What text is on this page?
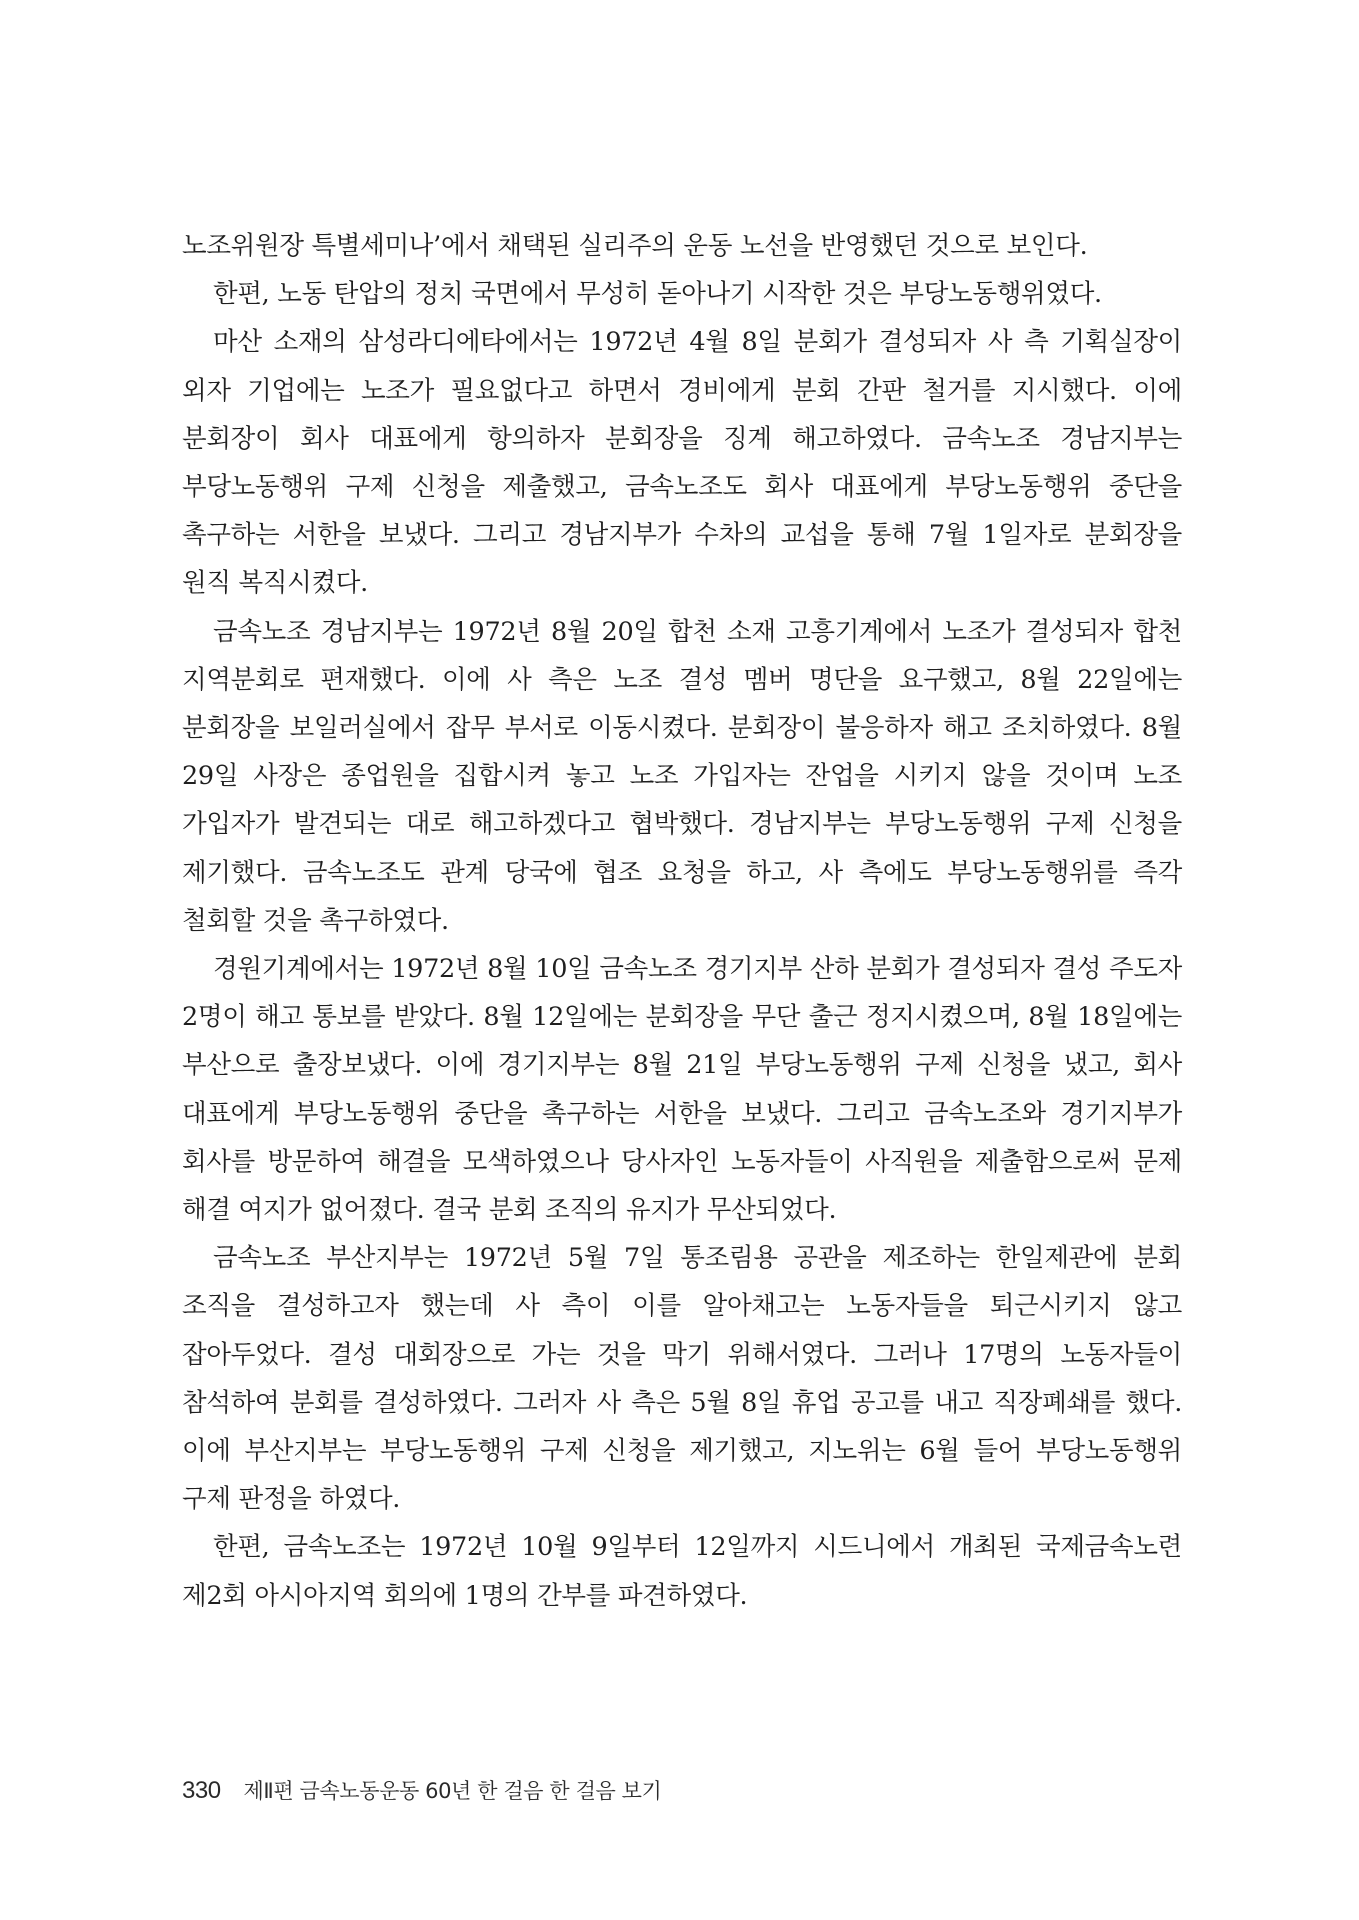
노조위원장 특별세미나’에서 채택된 실리주의 운동 노선을 반영했던 것으로 보인다.

한편, 노동 탄압의 정치 국면에서 무성히 돋아나기 시작한 것은 부당노동행위였다.

마산 소재의 삼성라디에타에서는 1972년 4월 8일 분회가 결성되자 사 측 기획실장이 외자 기업에는 노조가 필요없다고 하면서 경비에게 분회 간판 철거를 지시했다. 이에 분회장이 회사 대표에게 항의하자 분회장을 징계 해고하였다. 금속노조 경남지부는 부당노동행위 구제 신청을 제출했고, 금속노조도 회사 대표에게 부당노동행위 중단을 촉구하는 서한을 보냈다. 그리고 경남지부가 수차의 교섭을 통해 7월 1일자로 분회장을 원직 복직시켰다.

금속노조 경남지부는 1972년 8월 20일 합천 소재 고흥기계에서 노조가 결성되자 합천 지역분회로 편재했다. 이에 사 측은 노조 결성 멤버 명단을 요구했고, 8월 22일에는 분회장을 보일러실에서 잡무 부서로 이동시켰다. 분회장이 불응하자 해고 조치하였다. 8월 29일 사장은 종업원을 집합시켜 놓고 노조 가입자는 잔업을 시키지 않을 것이며 노조 가입자가 발견되는 대로 해고하겠다고 협박했다. 경남지부는 부당노동행위 구제 신청을 제기했다. 금속노조도 관계 당국에 협조 요청을 하고, 사 측에도 부당노동행위를 즉각 철회할 것을 촉구하였다.

경원기계에서는 1972년 8월 10일 금속노조 경기지부 산하 분회가 결성되자 결성 주도자 2명이 해고 통보를 받았다. 8월 12일에는 분회장을 무단 출근 정지시켰으며, 8월 18일에는 부산으로 출장보냈다. 이에 경기지부는 8월 21일 부당노동행위 구제 신청을 냈고, 회사 대표에게 부당노동행위 중단을 촉구하는 서한을 보냈다. 그리고 금속노조와 경기지부가 회사를 방문하여 해결을 모색하였으나 당사자인 노동자들이 사직원을 제출함으로써 문제 해결 여지가 없어졌다. 결국 분회 조직의 유지가 무산되었다.

금속노조 부산지부는 1972년 5월 7일 통조림용 공관을 제조하는 한일제관에 분회 조직을 결성하고자 했는데 사 측이 이를 알아채고는 노동자들을 퇴근시키지 않고 잡아두었다. 결성 대회장으로 가는 것을 막기 위해서였다. 그러나 17명의 노동자들이 참석하여 분회를 결성하였다. 그러자 사 측은 5월 8일 휴업 공고를 내고 직장폐쇄를 했다. 이에 부산지부는 부당노동행위 구제 신청을 제기했고, 지노위는 6월 들어 부당노동행위 구제 판정을 하였다.

한편, 금속노조는 1972년 10월 9일부터 12일까지 시드니에서 개최된 국제금속노련 제2회 아시아지역 회의에 1명의 간부를 파견하였다.

330 제Ⅱ편 금속노동운동 60년 한 걸음 한 걸음 보기
